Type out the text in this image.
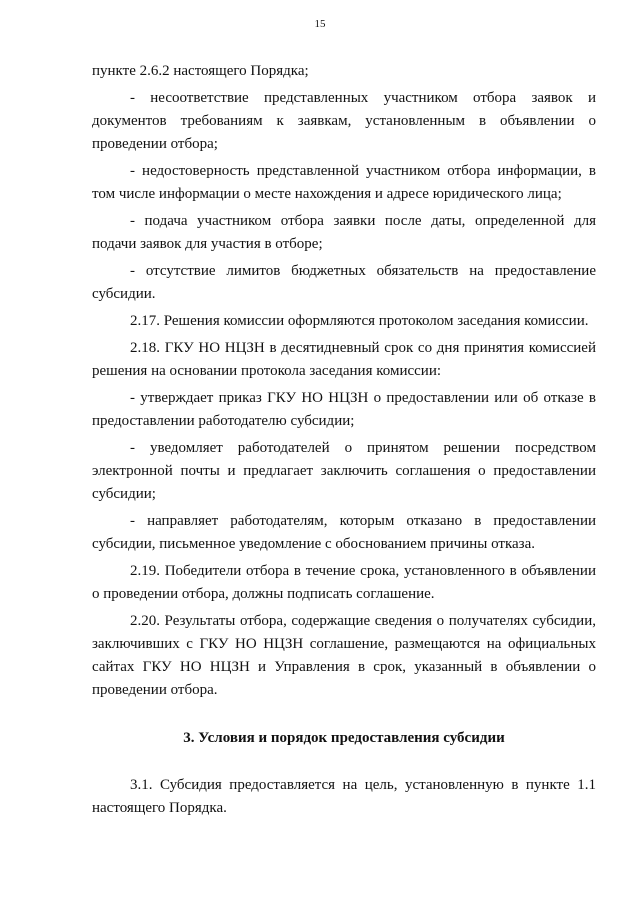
15

пункте 2.6.2 настоящего Порядка;

- несоответствие представленных участником отбора заявок и документов требованиям к заявкам, установленным в объявлении о проведении отбора;

- недостоверность представленной участником отбора информации, в том числе информации о месте нахождения и адресе юридического лица;

- подача участником отбора заявки после даты, определенной для подачи заявок для участия в отборе;

- отсутствие лимитов бюджетных обязательств на предоставление субсидии.

2.17. Решения комиссии оформляются протоколом заседания комиссии.

2.18. ГКУ НО НЦЗН в десятидневный срок со дня принятия комиссией решения на основании протокола заседания комиссии:

- утверждает приказ ГКУ НО НЦЗН о предоставлении или об отказе в предоставлении работодателю субсидии;

- уведомляет работодателей о принятом решении посредством электронной почты и предлагает заключить соглашения о предоставлении субсидии;

- направляет работодателям, которым отказано в предоставлении субсидии, письменное уведомление с обоснованием причины отказа.

2.19. Победители отбора в течение срока, установленного в объявлении о проведении отбора, должны подписать соглашение.

2.20. Результаты отбора, содержащие сведения о получателях субсидии, заключивших с ГКУ НО НЦЗН соглашение, размещаются на официальных сайтах ГКУ НО НЦЗН и Управления в срок, указанный в объявлении о проведении отбора.

3. Условия и порядок предоставления субсидии

3.1. Субсидия предоставляется на цель, установленную в пункте 1.1 настоящего Порядка.
